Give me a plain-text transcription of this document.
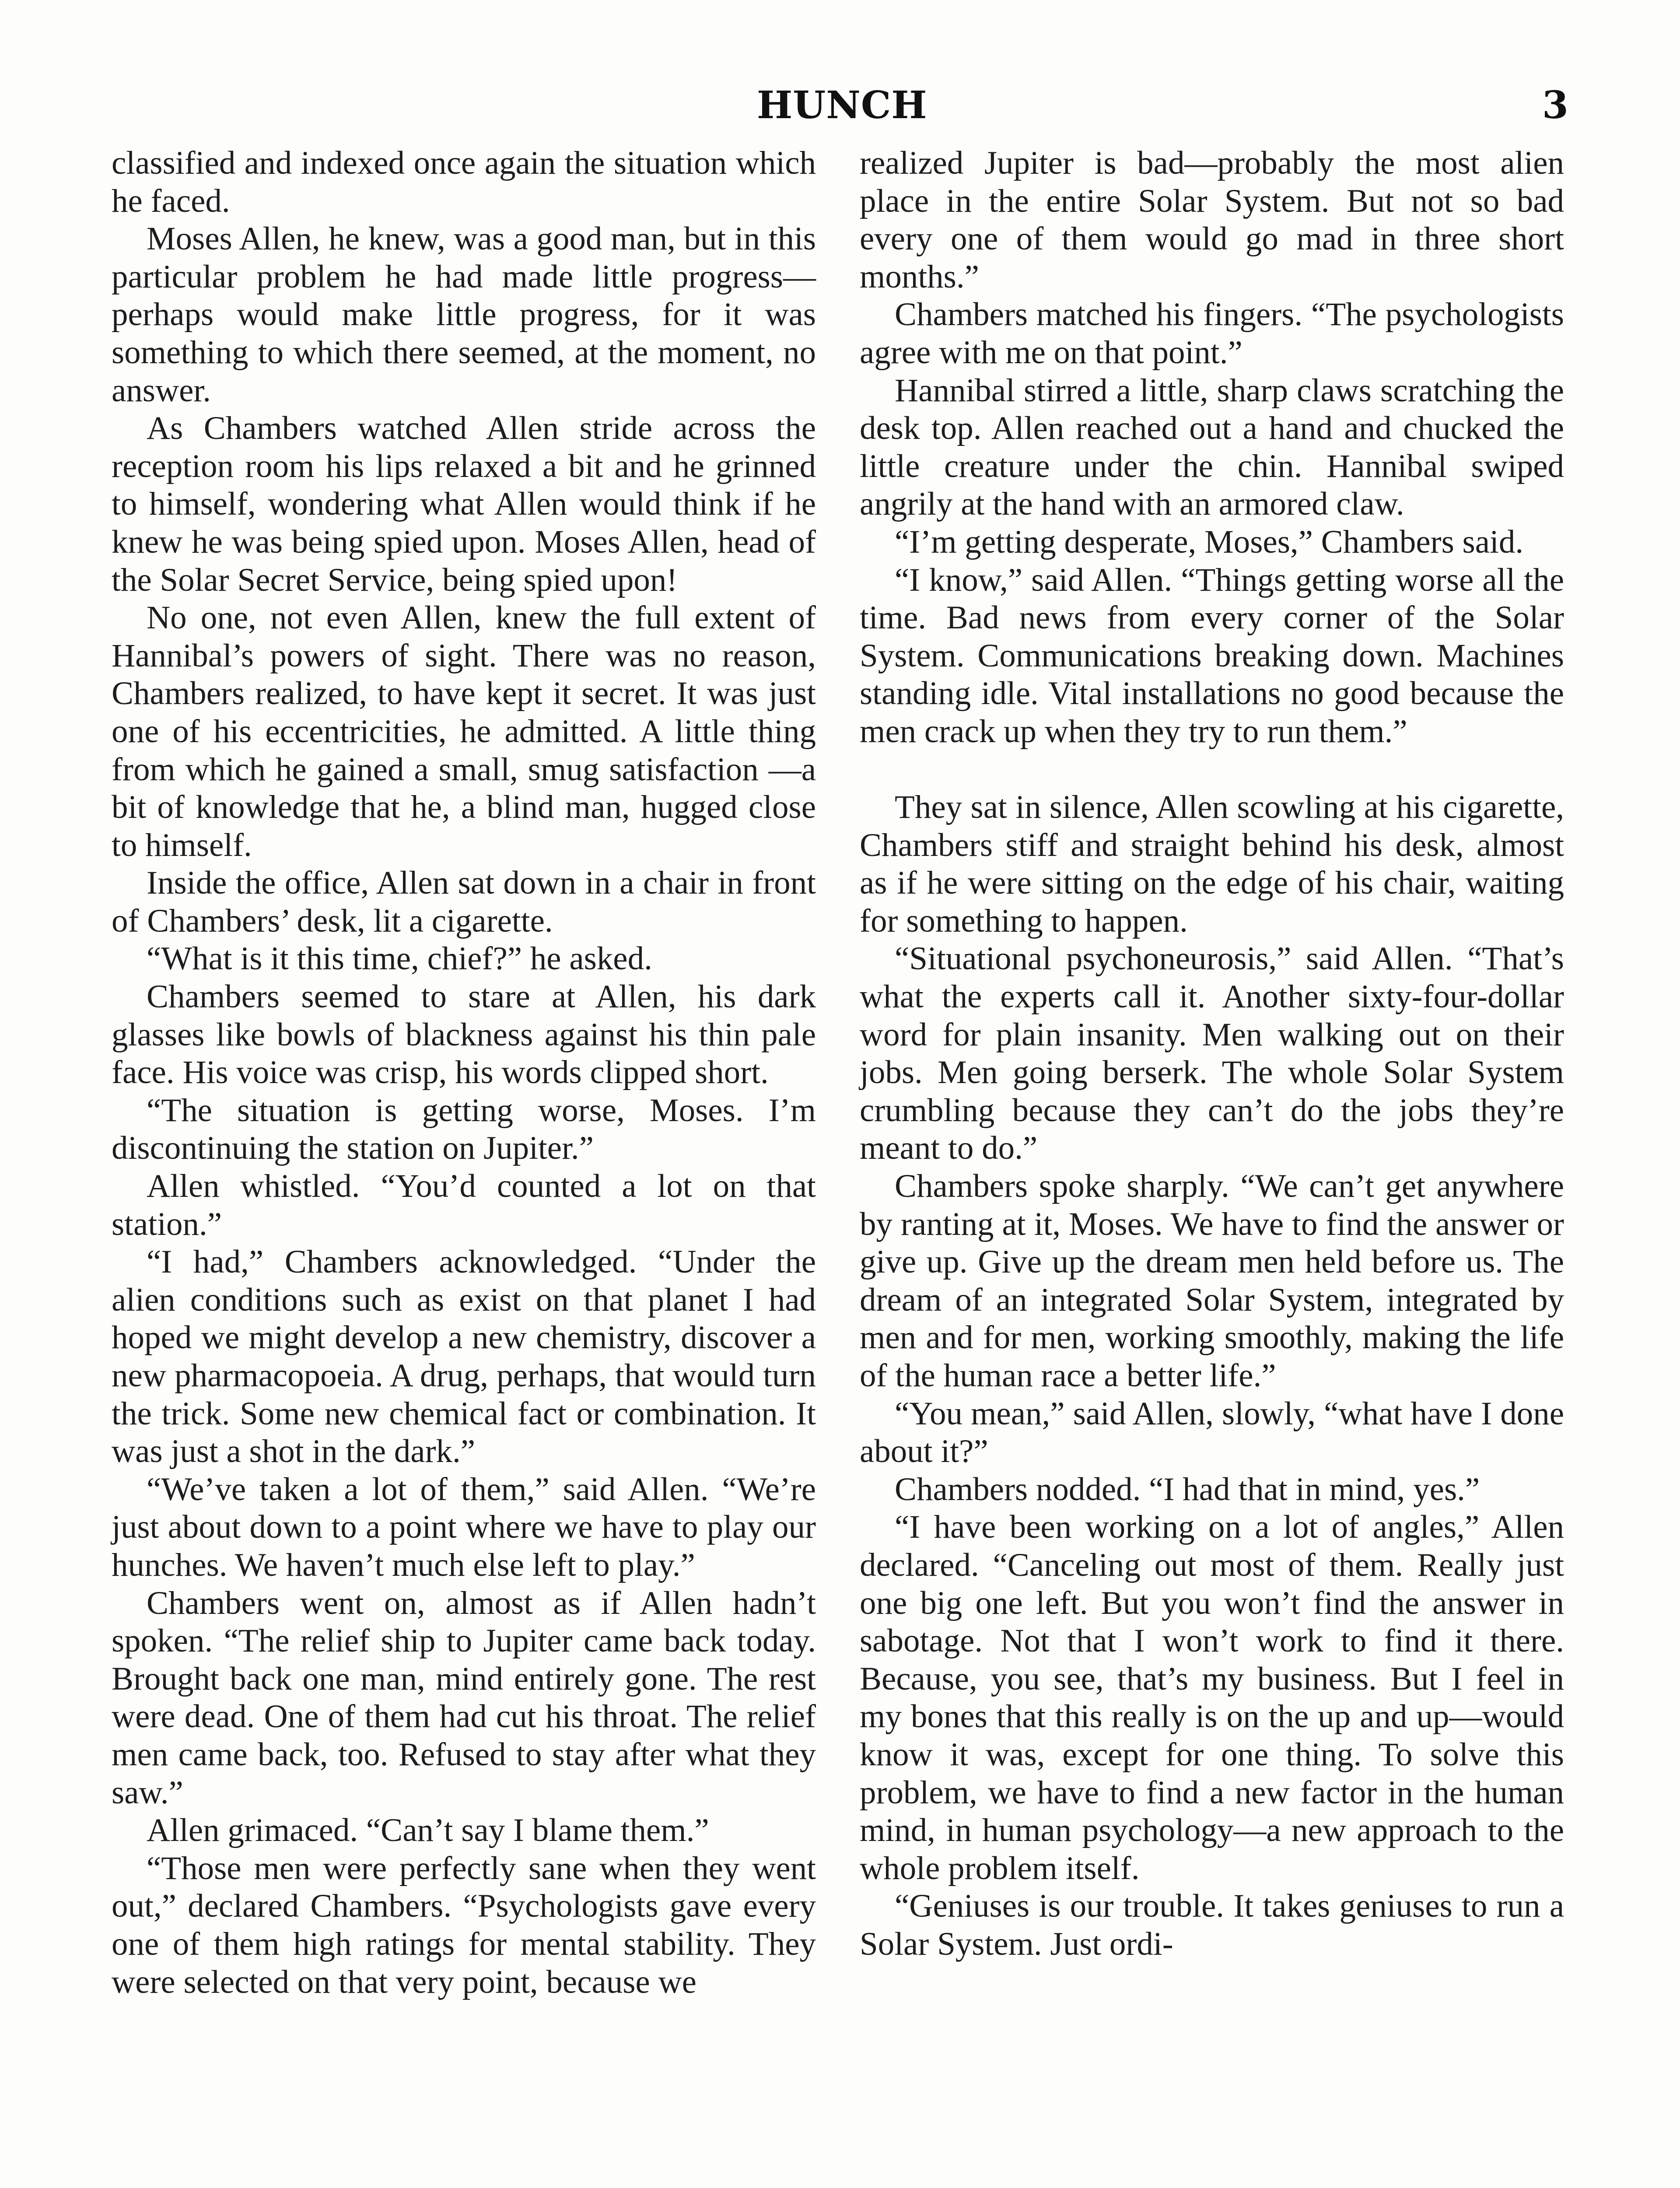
HUNCH	3

classified and indexed once again the situation which he faced.

Moses Allen, he knew, was a good man, but in this particular problem he had made little progress—perhaps would make little progress, for it was something to which there seemed, at the moment, no answer.

As Chambers watched Allen stride across the reception room his lips relaxed a bit and he grinned to himself, wondering what Allen would think if he knew he was being spied upon. Moses Allen, head of the Solar Secret Service, being spied upon!

No one, not even Allen, knew the full extent of Hannibal’s powers of sight. There was no reason, Chambers realized, to have kept it secret. It was just one of his eccentricities, he admitted. A little thing from which he gained a small, smug satisfaction —a bit of knowledge that he, a blind man, hugged close to himself.

Inside the office, Allen sat down in a chair in front of Chambers’ desk, lit a cigarette.

“What is it this time, chief?” he asked.

Chambers seemed to stare at Allen, his dark glasses like bowls of blackness against his thin pale face. His voice was crisp, his words clipped short.

“The situation is getting worse, Moses. I’m discontinuing the station on Jupiter.”

Allen whistled. “You’d counted a lot on that station.”

“I had,” Chambers acknowledged. “Under the alien conditions such as exist on that planet I had hoped we might develop a new chemistry, discover a new pharmacopoeia. A drug, perhaps, that would turn the trick. Some new chemical fact or combination. It was just a shot in the dark.”

“We’ve taken a lot of them,” said Allen. “We’re just about down to a point where we have to play our hunches. We haven’t much else left to play.”

Chambers went on, almost as if Allen hadn’t spoken. “The relief ship to Jupiter came back today. Brought back one man, mind entirely gone. The rest were dead. One of them had cut his throat. The relief men came back, too. Refused to stay after what they saw.”

Allen grimaced. “Can’t say I blame them.”

“Those men were perfectly sane when they went out,” declared Chambers. “Psychologists gave every one of them high ratings for mental stability. They were selected on that very point, because we

realized Jupiter is bad—probably the most alien place in the entire Solar System. But not so bad every one of them would go mad in three short months.”

Chambers matched his fingers. “The psychologists agree with me on that point.”

Hannibal stirred a little, sharp claws scratching the desk top. Allen reached out a hand and chucked the little creature under the chin. Hannibal swiped angrily at the hand with an armored claw.

“I’m getting desperate, Moses,” Chambers said.

“I know,” said Allen. “Things getting worse all the time. Bad news from every corner of the Solar System. Communications breaking down. Machines standing idle. Vital installations no good because the men crack up when they try to run them.”

They sat in silence, Allen scowling at his cigarette, Chambers stiff and straight behind his desk, almost as if he were sitting on the edge of his chair, waiting for something to happen.

“Situational psychoneurosis,” said Allen. “That’s what the experts call it. Another sixty-four-dollar word for plain insanity. Men walking out on their jobs. Men going berserk. The whole Solar System crumbling because they can’t do the jobs they’re meant to do.”

Chambers spoke sharply. “We can’t get anywhere by ranting at it, Moses. We have to find the answer or give up. Give up the dream men held before us. The dream of an integrated Solar System, integrated by men and for men, working smoothly, making the life of the human race a better life.”

“You mean,” said Allen, slowly, “what have I done about it?”

Chambers nodded. “I had that in mind, yes.”

“I have been working on a lot of angles,” Allen declared. “Canceling out most of them. Really just one big one left. But you won’t find the answer in sabotage. Not that I won’t work to find it there. Because, you see, that’s my business. But I feel in my bones that this really is on the up and up—would know it was, except for one thing. To solve this problem, we have to find a new factor in the human mind, in human psychology—a new approach to the whole problem itself.

“Geniuses is our trouble. It takes geniuses to run a Solar System. Just ordi-
